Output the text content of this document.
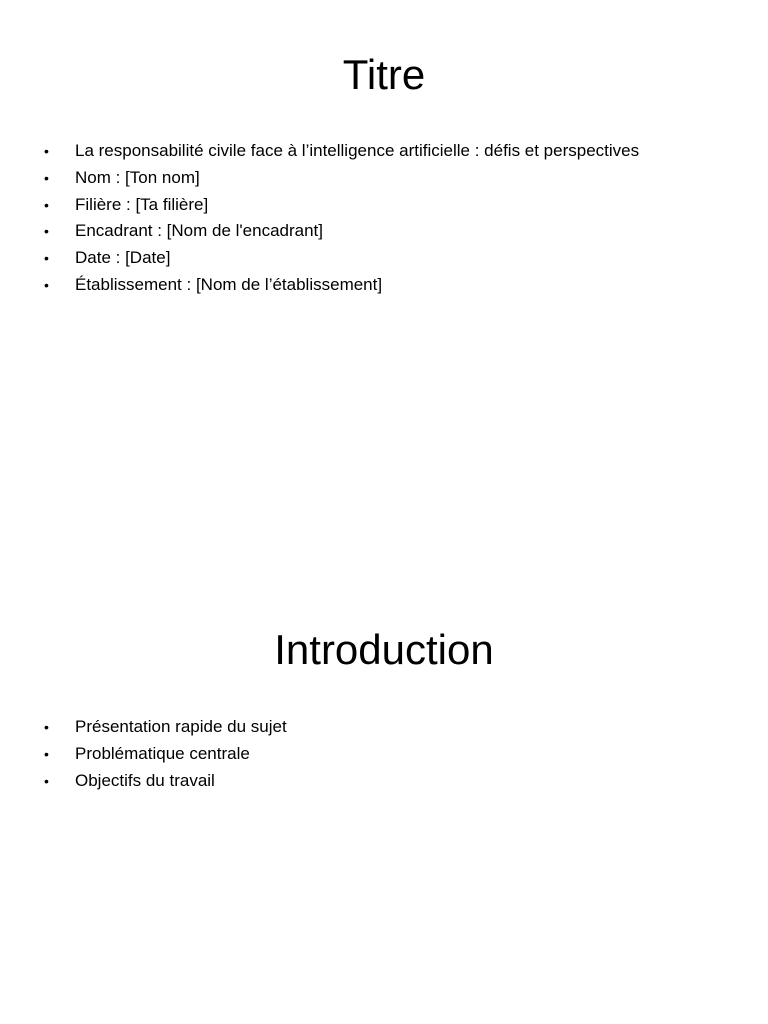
Titre
• La responsabilité civile face à l’intelligence artificielle : défis et perspectives
• Nom : [Ton nom]
• Filière : [Ta filière]
• Encadrant : [Nom de l'encadrant]
• Date : [Date]
• Établissement : [Nom de l’établissement]
Introduction
• Présentation rapide du sujet
• Problématique centrale
• Objectifs du travail
